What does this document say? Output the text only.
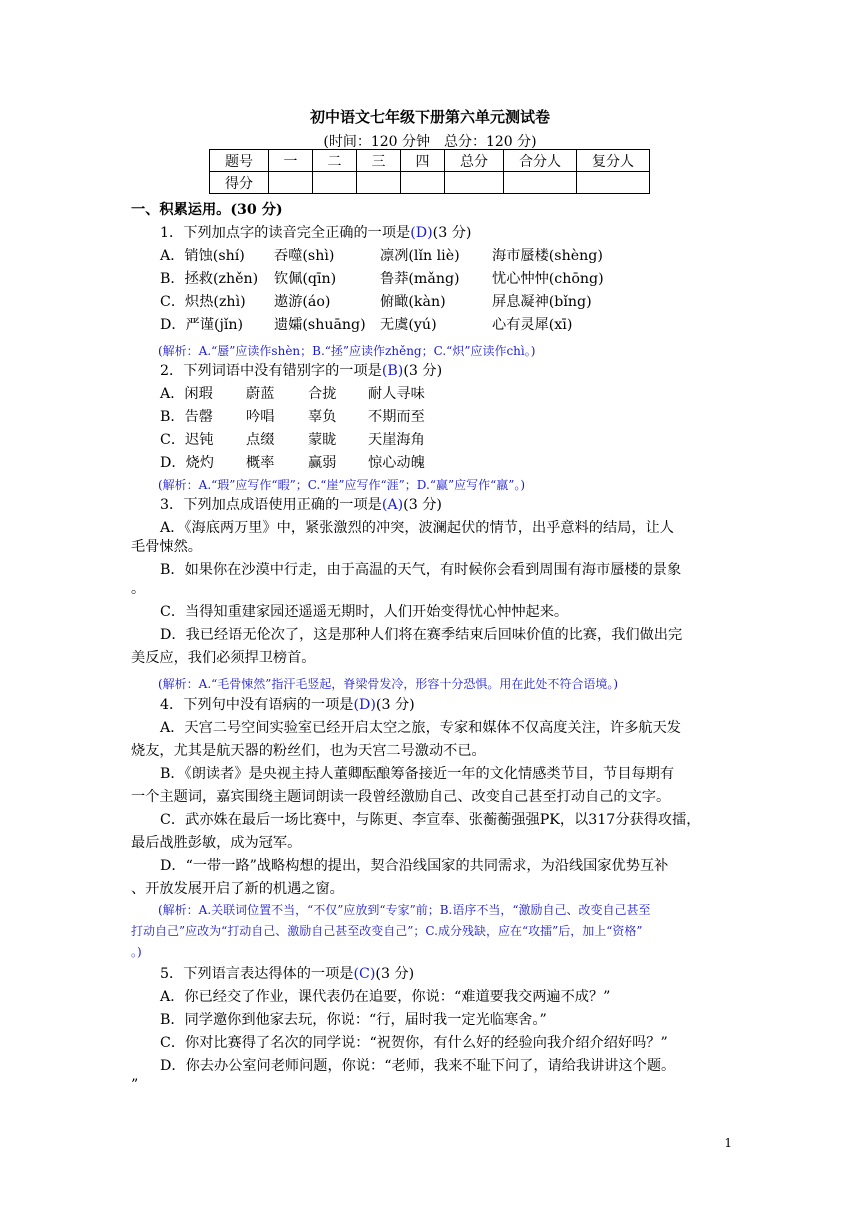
初中语文七年级下册第六单元测试卷
(时间：120 分钟　总分：120 分)
题号	一	二	三	四	总分	合分人	复分人
得分							
一、积累运用。(30 分)
1．下列加点字的读音完全正确的一项是(D)(3 分)
A．销蚀(shí) 吞噬(shì)	凛冽(lǐn liè) 海市蜃楼(shèng)
B．拯救(zhěn) 钦佩(qīn)	鲁莽(mǎng) 忧心忡忡(chōng)
C．炽热(zhì) 遨游(áo)	俯瞰(kàn)	屏息凝神(bǐng)
D．严谨(jǐn) 遗孀(shuāng) 无虞(yú)	心有灵犀(xī)
(解析：A.“蜃”应读作shèn；B.“拯”应读作zhěng；C.“炽”应读作chì。)
2．下列词语中没有错别字的一项是(B)(3 分)
A．闲瑕 蔚蓝 合拢 耐人寻味
B．告罄 吟唱 辜负 不期而至
C．迟钝 点缀 蒙眬 天崖海角
D．烧灼 概率 赢弱 惊心动魄
(解析：A.“瑕”应写作“暇”；C.“崖”应写作“涯”；D.“赢”应写作“羸”。)
3．下列加点成语使用正确的一项是(A)(3 分)
A．《海底两万里》中，紧张激烈的冲突，波澜起伏的情节，出乎意料的结局，让人
毛骨悚然。
B．如果你在沙漠中行走，由于高温的天气，有时候你会看到周围有海市蜃楼的景象
。
C．当得知重建家园还遥遥无期时，人们开始变得忧心忡忡起来。
D．我已经语无伦次了，这是那种人们将在赛季结束后回味价值的比赛，我们做出完
美反应，我们必须捍卫榜首。
(解析：A.“毛骨悚然”指汗毛竖起，脊梁骨发冷，形容十分恐惧。用在此处不符合语境。)
4．下列句中没有语病的一项是(D)(3 分)
A．天宫二号空间实验室已经开启太空之旅，专家和媒体不仅高度关注，许多航天发
烧友，尤其是航天器的粉丝们，也为天宫二号激动不已。
B．《朗读者》是央视主持人董卿酝酿筹备接近一年的文化情感类节目，节目每期有
一个主题词，嘉宾围绕主题词朗读一段曾经激励自己、改变自己甚至打动自己的文字。
C．武亦姝在最后一场比赛中，与陈更、李宣奉、张蘅蘅强强PK，以317分获得攻擂，
最后战胜彭敏，成为冠军。
D．“一带一路”战略构想的提出，契合沿线国家的共同需求，为沿线国家优势互补
、开放发展开启了新的机遇之窗。
(解析：A.关联词位置不当，“不仅”应放到“专家”前；B.语序不当，“激励自己、改变自己甚至
打动自己”应改为“打动自己、激励自己甚至改变自己”；C.成分残缺，应在“攻擂”后，加上“资格”
。)
5．下列语言表达得体的一项是(C)(3 分)
A．你已经交了作业，课代表仍在追要，你说：“难道要我交两遍不成？”
B．同学邀你到他家去玩，你说：“行，届时我一定光临寒舍。”
C．你对比赛得了名次的同学说：“祝贺你，有什么好的经验向我介绍介绍好吗？”
D．你去办公室问老师问题，你说：“老师，我来不耻下问了，请给我讲讲这个题。
”
1
